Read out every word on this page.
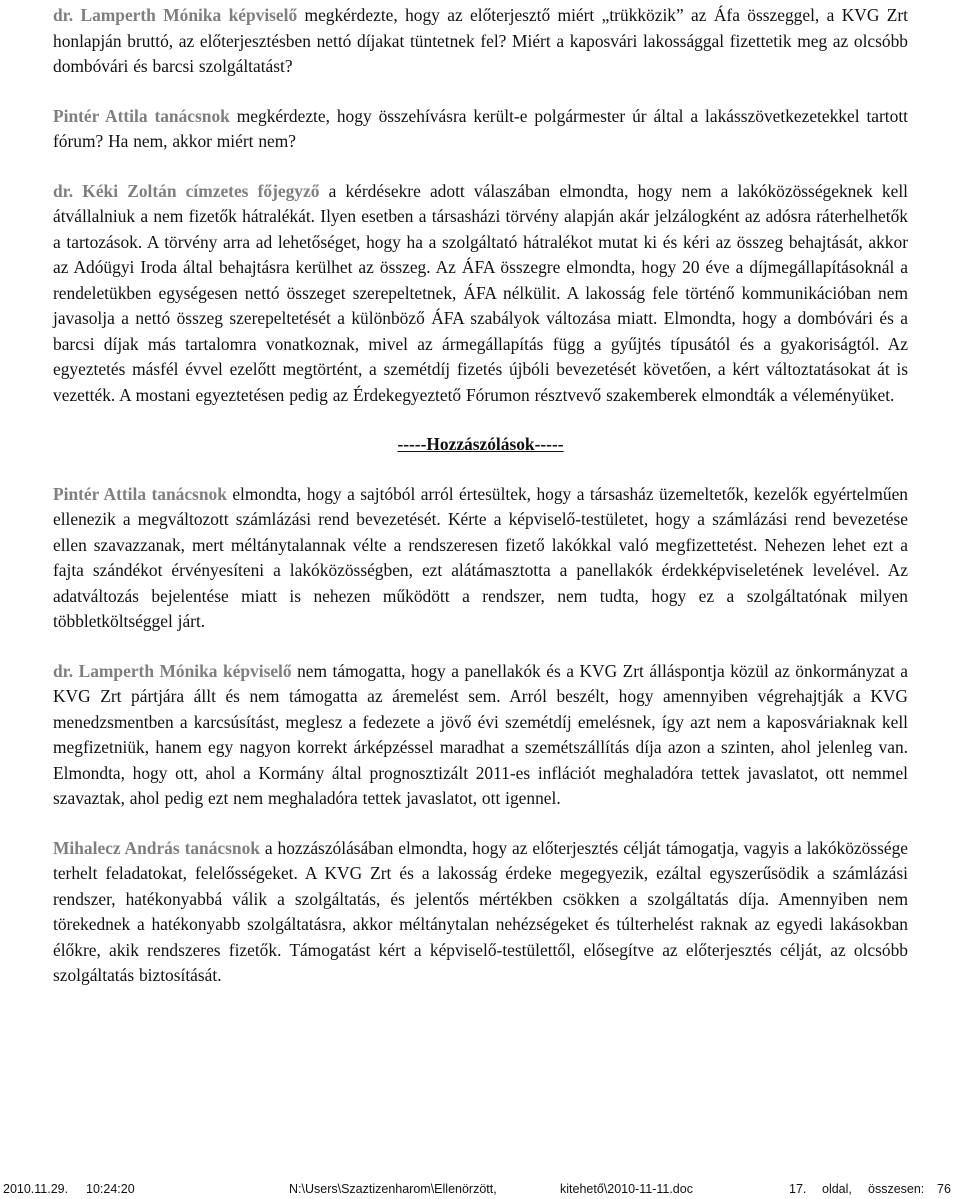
dr. Lamperth Mónika képviselő megkérdezte, hogy az előterjesztő miért „trükközik” az Áfa összeggel, a KVG Zrt honlapján bruttó, az előterjesztésben nettó díjakat tüntetnek fel? Miért a kaposvári lakossággal fizettetik meg az olcsóbb dombóvári és barcsi szolgáltatást?

Pintér Attila tanácsnok megkérdezte, hogy összehívásra került-e polgármester úr által a lakásszövetkezetekkel tartott fórum? Ha nem, akkor miért nem?

dr. Kéki Zoltán címzetes főjegyző a kérdésekre adott válaszában elmondta, hogy nem a lakóközösségeknek kell átvállalniuk a nem fizetők hátralékát. Ilyen esetben a társasházi törvény alapján akár jelzálogként az adósra ráterhelhetők a tartozások. A törvény arra ad lehetőséget, hogy ha a szolgáltató hátralékot mutat ki és kéri az összeg behajtását, akkor az Adóügyi Iroda által behajtásra kerülhet az összeg. Az ÁFA összegre elmondta, hogy 20 éve a díjmegállapításoknál a rendeletükben egységesen nettó összeget szerepeltetnek, ÁFA nélkülit. A lakosság fele történő kommunikációban nem javasolja a nettó összeg szerepeltetését a különböző ÁFA szabályok változása miatt. Elmondta, hogy a dombóvári és a barcsi díjak más tartalomra vonatkoznak, mivel az ármegállapítás függ a gyűjtés típusától és a gyakoriságtól. Az egyeztetés másfél évvel ezelőtt megtörtént, a szemétdíj fizetés újbóli bevezetését követően, a kért változtatásokat át is vezették. A mostani egyeztetésen pedig az Érdekegyeztető Fórumon résztvevő szakemberek elmondták a véleményüket.

-----Hozzászólások-----

Pintér Attila tanácsnok elmondta, hogy a sajtóból arról értesültek, hogy a társasház üzemeltetők, kezelők egyértelműen ellenezik a megváltozott számlázási rend bevezetését. Kérte a képviselő-testületet, hogy a számlázási rend bevezetése ellen szavazzanak, mert méltánytalannak vélte a rendszeresen fizető lakókkal való megfizettetést. Nehezen lehet ezt a fajta szándékot érvényesíteni a lakóközösségben, ezt alátámasztotta a panellakók érdekképviseletének levelével. Az adatváltozás bejelentése miatt is nehezen működött a rendszer, nem tudta, hogy ez a szolgáltatónak milyen többletköltséggel járt.

dr. Lamperth Mónika képviselő nem támogatta, hogy a panellakók és a KVG Zrt álláspontja közül az önkormányzat a KVG Zrt pártjára állt és nem támogatta az áremelést sem. Arról beszélt, hogy amennyiben végrehajtják a KVG menedzsmentben a karcsúsítást, meglesz a fedezete a jövő évi szemétdíj emelésnek, így azt nem a kaposváriaknak kell megfizetniük, hanem egy nagyon korrekt árképzéssel maradhat a szemétszállítás díja azon a szinten, ahol jelenleg van. Elmondta, hogy ott, ahol a Kormány által prognosztizált 2011-es inflációt meghaladóra tettek javaslatot, ott nemmel szavaztak, ahol pedig ezt nem meghaladóra tettek javaslatot, ott igennel.

Mihalecz András tanácsnok a hozzászólásában elmondta, hogy az előterjesztés célját támogatja, vagyis a lakóközössége terhelt feladatokat, felelősségeket. A KVG Zrt és a lakosság érdeke megegyezik, ezáltal egyszerűsödik a számlázási rendszer, hatékonyabbá válik a szolgáltatás, és jelentős mértékben csökken a szolgáltatás díja. Amennyiben nem törekednek a hatékonyabb szolgáltatásra, akkor méltánytalan nehézségeket és túlterhelést raknak az egyedi lakásokban élőkre, akik rendszeres fizetők. Támogatást kért a képviselő-testülettől, elősegítve az előterjesztés célját, az olcsóbb szolgáltatás biztosítását.

2010.11.29. 10:24:20	N:\Users\Szaztizenharom\Ellenörzött,	kitehető\2010-11-11.doc	17. oldal, összesen: 76
